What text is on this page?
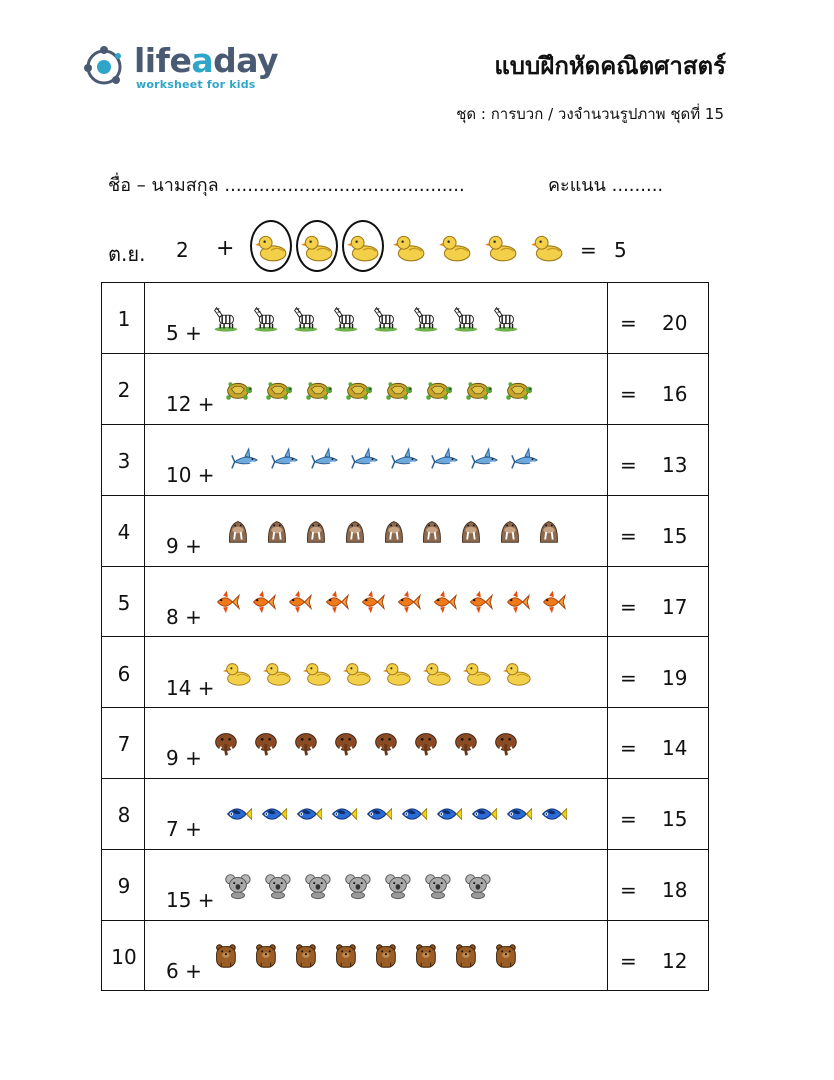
lifeaday
worksheet for kids
แบบฝึกหัดคณิตศาสตร์
ชุด : การบวก / วงจำนวนรูปภาพ ชุดที่ 15
ชื่อ – นามสกุล ..........................................	คะแนน .........
ต.ย. 2 +	= 5
1
5 +	= 20
2
12 +	= 16
3
10 +	= 13
4
9 +	= 15
5
8 +	= 17
6
14 +	= 19
7
9 +	= 14
8
7 +	= 15
9
15 +	= 18
10
6 +	= 12
